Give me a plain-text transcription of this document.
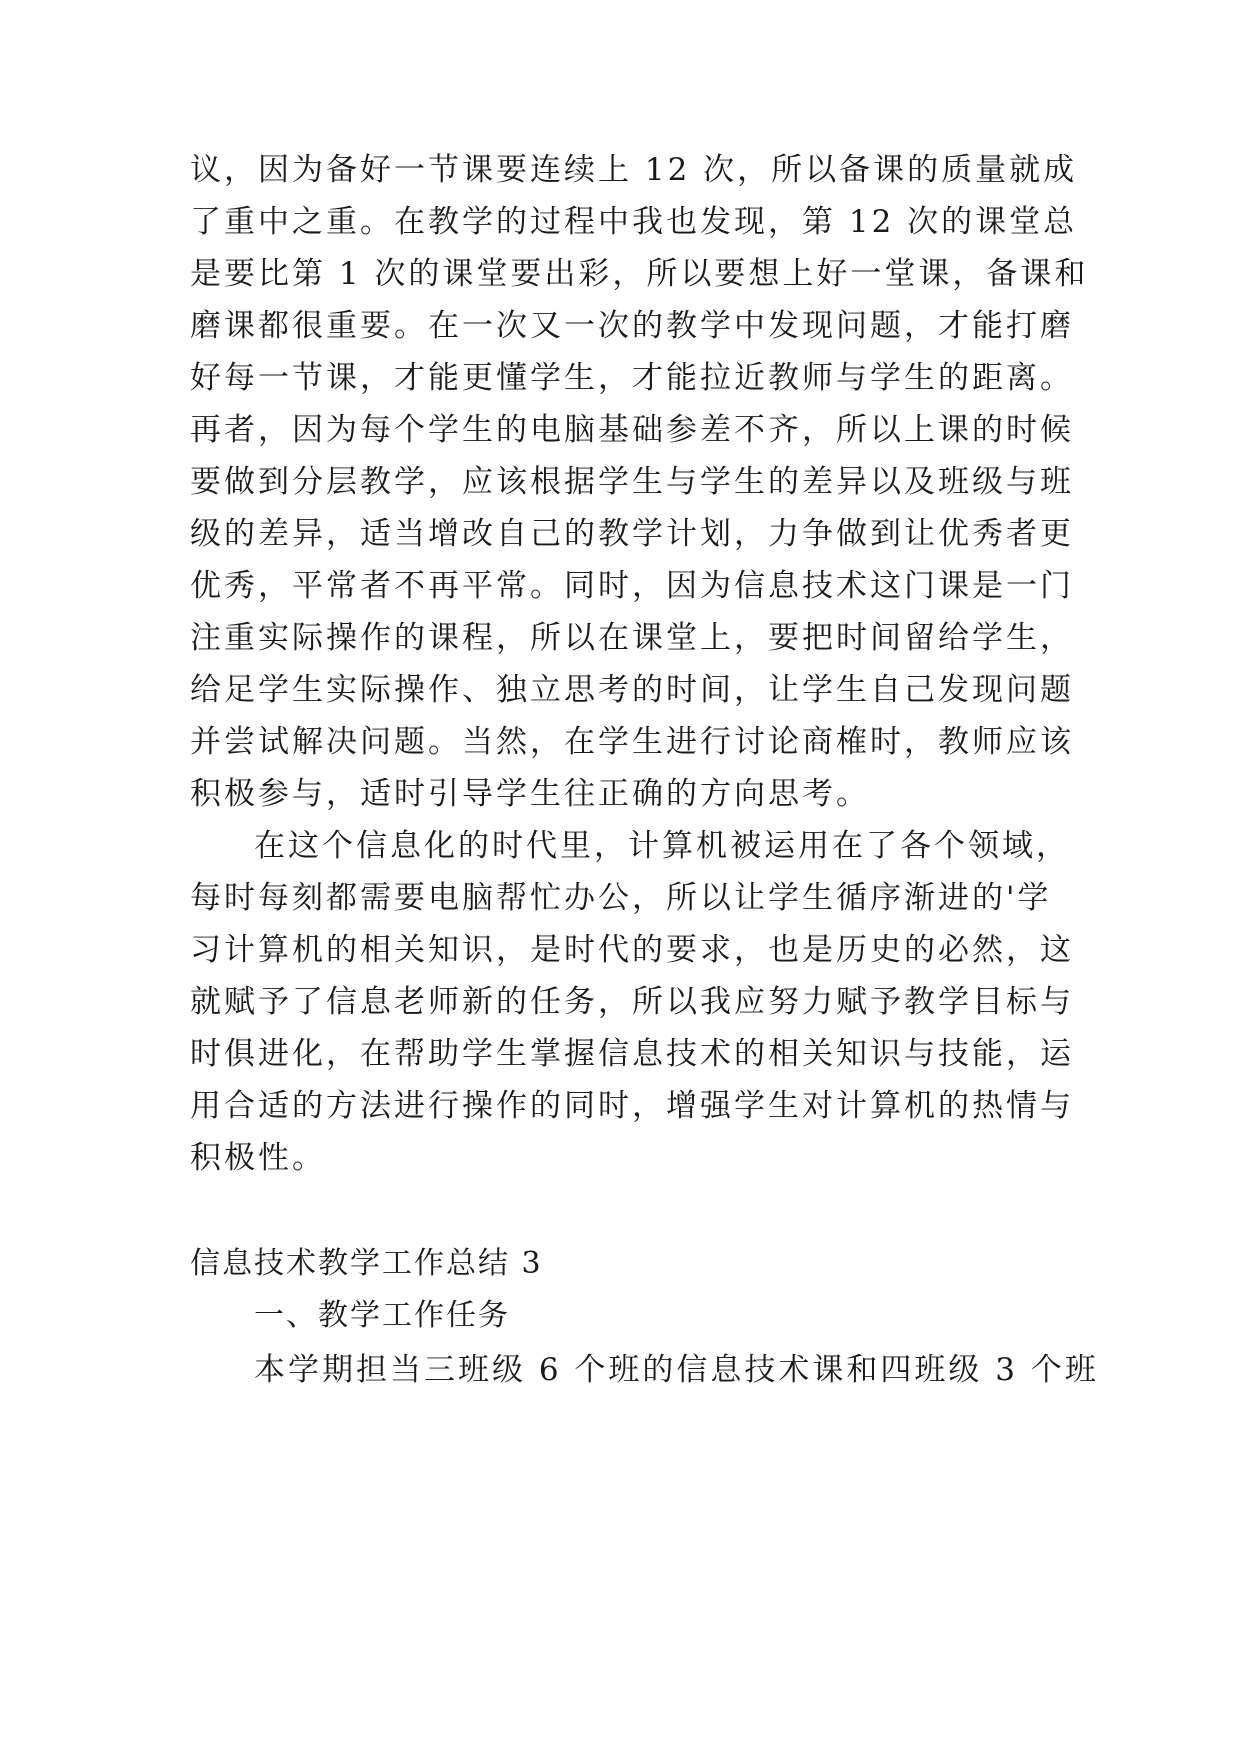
议，因为备好一节课要连续上 12 次，所以备课的质量就成
了重中之重。在教学的过程中我也发现，第 12 次的课堂总
是要比第 1 次的课堂要出彩，所以要想上好一堂课，备课和
磨课都很重要。在一次又一次的教学中发现问题，才能打磨
好每一节课，才能更懂学生，才能拉近教师与学生的距离。
再者，因为每个学生的电脑基础参差不齐，所以上课的时候
要做到分层教学，应该根据学生与学生的差异以及班级与班
级的差异，适当增改自己的教学计划，力争做到让优秀者更
优秀，平常者不再平常。同时，因为信息技术这门课是一门
注重实际操作的课程，所以在课堂上，要把时间留给学生，
给足学生实际操作、独立思考的时间，让学生自己发现问题
并尝试解决问题。当然，在学生进行讨论商榷时，教师应该
积极参与，适时引导学生往正确的方向思考。
在这个信息化的时代里，计算机被运用在了各个领域，
每时每刻都需要电脑帮忙办公，所以让学生循序渐进的'学
习计算机的相关知识，是时代的要求，也是历史的必然，这
就赋予了信息老师新的任务，所以我应努力赋予教学目标与
时俱进化，在帮助学生掌握信息技术的相关知识与技能，运
用合适的方法进行操作的同时，增强学生对计算机的热情与
积极性。
信息技术教学工作总结 3
一、教学工作任务
本学期担当三班级 6 个班的信息技术课和四班级 3 个班
